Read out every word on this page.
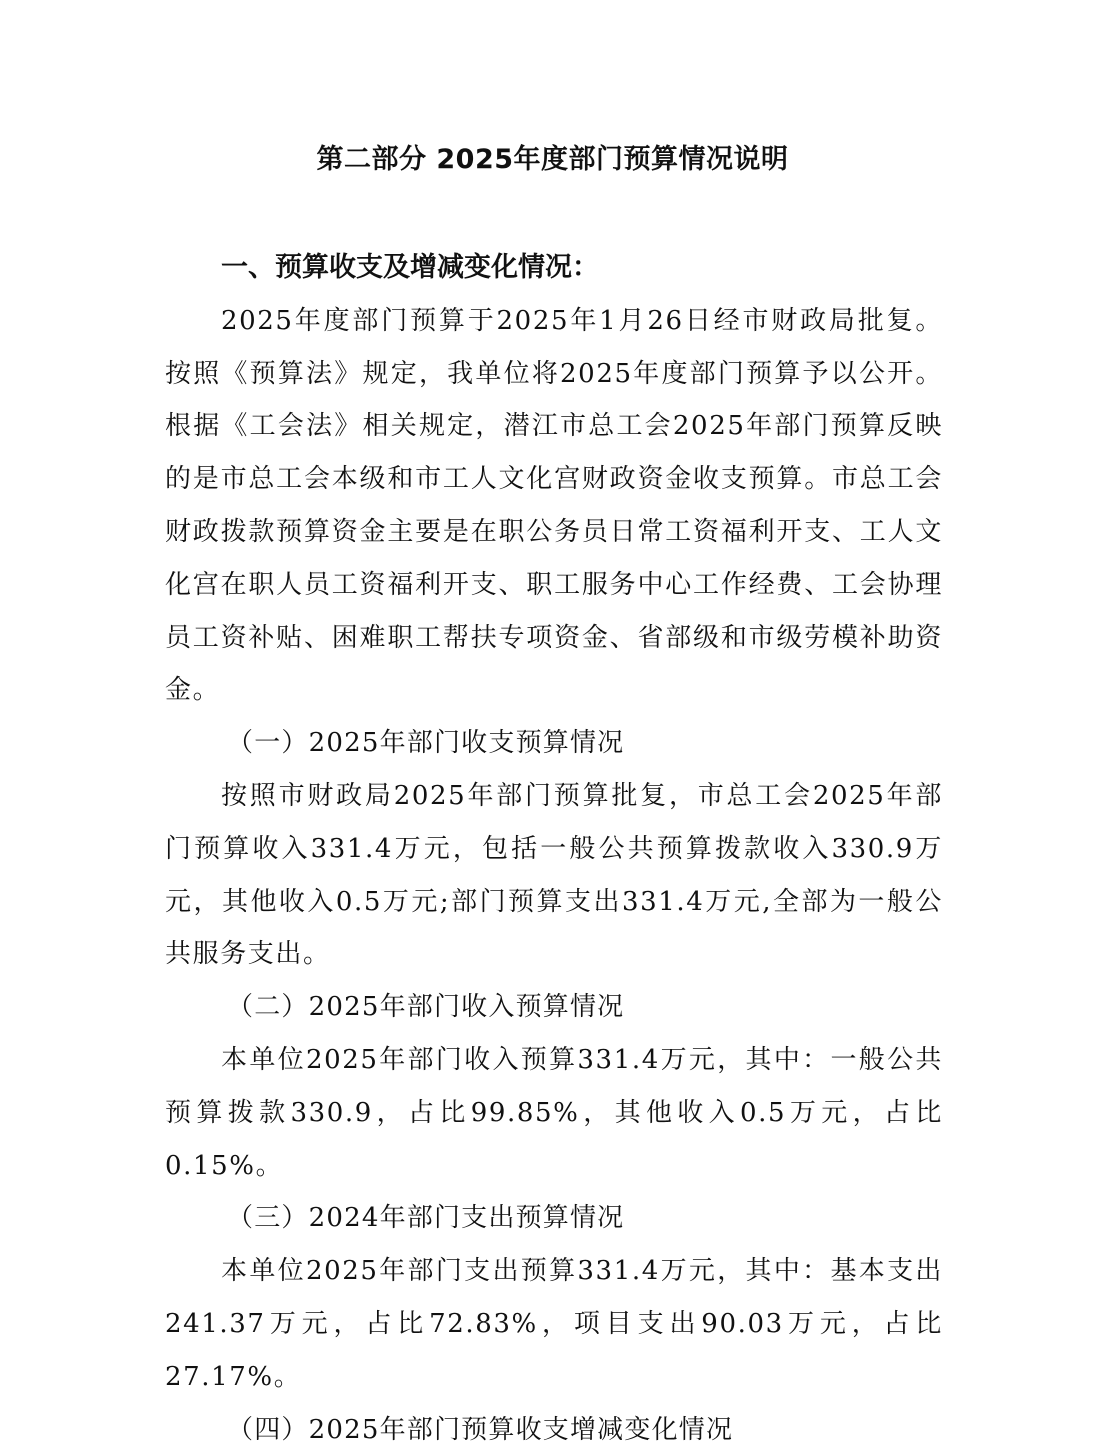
第二部分 2025年度部门预算情况说明

一、预算收支及增减变化情况：

2025年度部门预算于2025年1月26日经市财政局批复。按照《预算法》规定，我单位将2025年度部门预算予以公开。根据《工会法》相关规定，潜江市总工会2025年部门预算反映的是市总工会本级和市工人文化宫财政资金收支预算。市总工会财政拨款预算资金主要是在职公务员日常工资福利开支、工人文化宫在职人员工资福利开支、职工服务中心工作经费、工会协理员工资补贴、困难职工帮扶专项资金、省部级和市级劳模补助资金。

（一）2025年部门收支预算情况

按照市财政局2025年部门预算批复，市总工会2025年部门预算收入331.4万元，包括一般公共预算拨款收入330.9万元，其他收入0.5万元;部门预算支出331.4万元,全部为一般公共服务支出。

（二）2025年部门收入预算情况

本单位2025年部门收入预算331.4万元，其中：一般公共预算拨款330.9，占比99.85%，其他收入0.5万元，占比0.15%。

（三）2024年部门支出预算情况

本单位2025年部门支出预算331.4万元，其中：基本支出241.37万元，占比72.83%，项目支出90.03万元，占比27.17%。

（四）2025年部门预算收支增减变化情况
